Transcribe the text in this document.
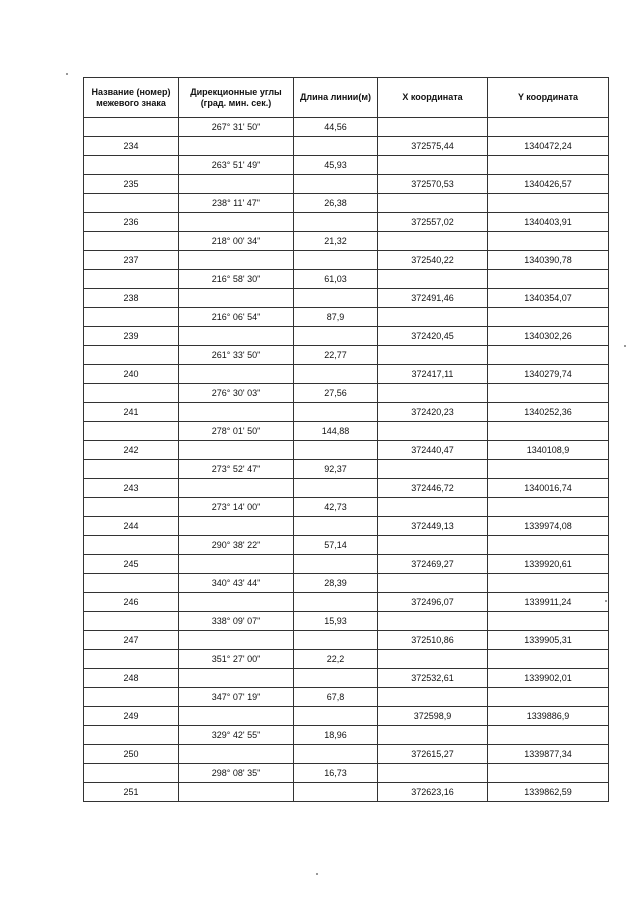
Название (номер) межевого знака	Дирекционные углы (град. мин. сек.)	Длина линии(м)	X координата	Y координата
	267° 31' 50"	44,56		
234			372575,44	1340472,24
	263° 51' 49"	45,93		
235			372570,53	1340426,57
	238° 11' 47"	26,38		
236			372557,02	1340403,91
	218° 00' 34"	21,32		
237			372540,22	1340390,78
	216° 58' 30"	61,03		
238			372491,46	1340354,07
	216° 06' 54"	87,9		
239			372420,45	1340302,26
	261° 33' 50"	22,77		
240			372417,11	1340279,74
	276° 30' 03"	27,56		
241			372420,23	1340252,36
	278° 01' 50"	144,88		
242			372440,47	1340108,9
	273° 52' 47"	92,37		
243			372446,72	1340016,74
	273° 14' 00"	42,73		
244			372449,13	1339974,08
	290° 38' 22"	57,14		
245			372469,27	1339920,61
	340° 43' 44"	28,39		
246			372496,07	1339911,24
	338° 09' 07"	15,93		
247			372510,86	1339905,31
	351° 27' 00"	22,2		
248			372532,61	1339902,01
	347° 07' 19"	67,8		
249			372598,9	1339886,9
	329° 42' 55"	18,96		
250			372615,27	1339877,34
	298° 08' 35"	16,73		
251			372623,16	1339862,59
